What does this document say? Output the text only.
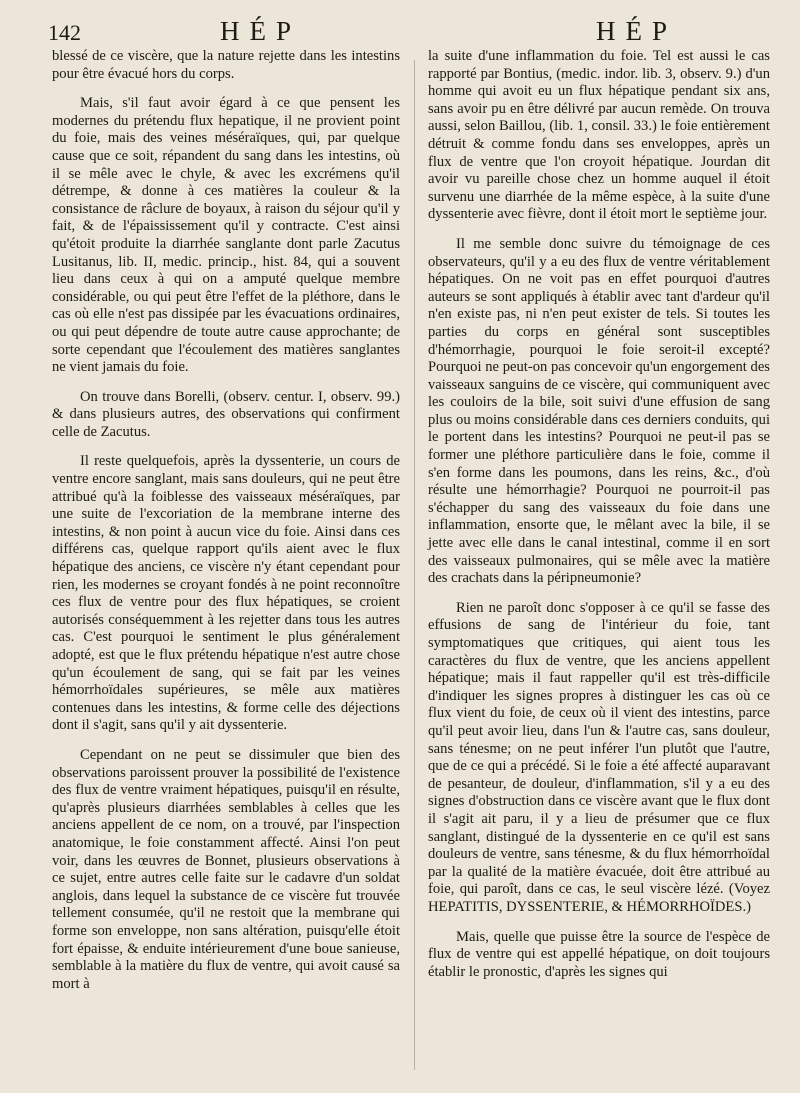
142	HÉP	HÉP

blessé de ce viscère, que la nature rejette dans les intestins pour être évacué hors du corps.

Mais, s'il faut avoir égard à ce que pensent les modernes du prétendu flux hepatique, il ne provient point du foie, mais des veines méséraïques, qui, par quelque cause que ce soit, répandent du sang dans les intestins, où il se mêle avec le chyle, & avec les excrémens qu'il détrempe, & donne à ces matières la couleur & la consistance de râclure de boyaux, à raison du séjour qu'il y fait, & de l'épaississement qu'il y contracte. C'est ainsi qu'étoit produite la diarrhée sanglante dont parle Zacutus Lusitanus, lib. II, medic. princip., hist. 84, qui a souvent lieu dans ceux à qui on a amputé quelque membre considérable, ou qui peut être l'effet de la pléthore, dans le cas où elle n'est pas dissipée par les évacuations ordinaires, ou qui peut dépendre de toute autre cause approchante; de sorte cependant que l'écoulement des matières sanglantes ne vient jamais du foie.

On trouve dans Borelli, (observ. centur. I, observ. 99.) & dans plusieurs autres, des observations qui confirment celle de Zacutus.

Il reste quelquefois, après la dyssenterie, un cours de ventre encore sanglant, mais sans douleurs, qui ne peut être attribué qu'à la foiblesse des vaisseaux méséraïques, par une suite de l'excoriation de la membrane interne des intestins, & non point à aucun vice du foie. Ainsi dans ces différens cas, quelque rapport qu'ils aient avec le flux hépatique des anciens, ce viscère n'y étant cependant pour rien, les modernes se croyant fondés à ne point reconnoître ces flux de ventre pour des flux hépatiques, se croient autorisés conséquemment à les rejetter dans tous les autres cas. C'est pourquoi le sentiment le plus généralement adopté, est que le flux prétendu hépatique n'est autre chose qu'un écoulement de sang, qui se fait par les veines hémorrhoïdales supérieures, se mêle aux matières contenues dans les intestins, & forme celle des déjections dont il s'agit, sans qu'il y ait dyssenterie.

Cependant on ne peut se dissimuler que bien des observations paroissent prouver la possibilité de l'existence des flux de ventre vraiment hépatiques, puisqu'il en résulte, qu'après plusieurs diarrhées semblables à celles que les anciens appellent de ce nom, on a trouvé, par l'inspection anatomique, le foie constamment affecté. Ainsi l'on peut voir, dans les œuvres de Bonnet, plusieurs observations à ce sujet, entre autres celle faite sur le cadavre d'un soldat anglois, dans lequel la substance de ce viscère fut trouvée tellement consumée, qu'il ne restoit que la membrane qui forme son enveloppe, non sans altération, puisqu'elle étoit fort épaisse, & enduite intérieurement d'une boue sanieuse, semblable à la matière du flux de ventre, qui avoit causé sa mort à

la suite d'une inflammation du foie. Tel est aussi le cas rapporté par Bontius, (medic. indor. lib. 3, observ. 9.) d'un homme qui avoit eu un flux hépatique pendant six ans, sans avoir pu en être délivré par aucun remède. On trouva aussi, selon Baillou, (lib. 1, consil. 33.) le foie entièrement détruit & comme fondu dans ses enveloppes, après un flux de ventre que l'on croyoit hépatique. Jourdan dit avoir vu pareille chose chez un homme auquel il étoit survenu une diarrhée de la même espèce, à la suite d'une dyssenterie avec fièvre, dont il étoit mort le septième jour.

Il me semble donc suivre du témoignage de ces observateurs, qu'il y a eu des flux de ventre véritablement hépatiques. On ne voit pas en effet pourquoi d'autres auteurs se sont appliqués à établir avec tant d'ardeur qu'il n'en existe pas, ni n'en peut exister de tels. Si toutes les parties du corps en général sont susceptibles d'hémorrhagie, pourquoi le foie seroit-il excepté? Pourquoi ne peut-on pas concevoir qu'un engorgement des vaisseaux sanguins de ce viscère, qui communiquent avec les couloirs de la bile, soit suivi d'une effusion de sang plus ou moins considérable dans ces derniers conduits, qui le portent dans les intestins? Pourquoi ne peut-il pas se former une pléthore particulière dans le foie, comme il s'en forme dans les poumons, dans les reins, &c., d'où résulte une hémorrhagie? Pourquoi ne pourroit-il pas s'échapper du sang des vaisseaux du foie dans une inflammation, ensorte que, le mêlant avec la bile, il se jette avec elle dans le canal intestinal, comme il en sort des vaisseaux pulmonaires, qui se mêle avec la matière des crachats dans la péripneumonie?

Rien ne paroît donc s'opposer à ce qu'il se fasse des effusions de sang de l'intérieur du foie, tant symptomatiques que critiques, qui aient tous les caractères du flux de ventre, que les anciens appellent hépatique; mais il faut rappeller qu'il est très-difficile d'indiquer les signes propres à distinguer les cas où ce flux vient du foie, de ceux où il vient des intestins, parce qu'il peut avoir lieu, dans l'un & l'autre cas, sans douleur, sans ténesme; on ne peut inférer l'un plutôt que l'autre, que de ce qui a précédé. Si le foie a été affecté auparavant de pesanteur, de douleur, d'inflammation, s'il y a eu des signes d'obstruction dans ce viscère avant que le flux dont il s'agit ait paru, il y a lieu de présumer que ce flux sanglant, distingué de la dyssenterie en ce qu'il est sans douleurs de ventre, sans ténesme, & du flux hémorrhoïdal par la qualité de la matière évacuée, doit être attribué au foie, qui paroît, dans ce cas, le seul viscère lézé. (Voyez HEPATITIS, DYSSENTERIE, & HÉMORRHOÏDES.)

Mais, quelle que puisse être la source de l'espèce de flux de ventre qui est appellé hépatique, on doit toujours établir le pronostic, d'après les signes qui
